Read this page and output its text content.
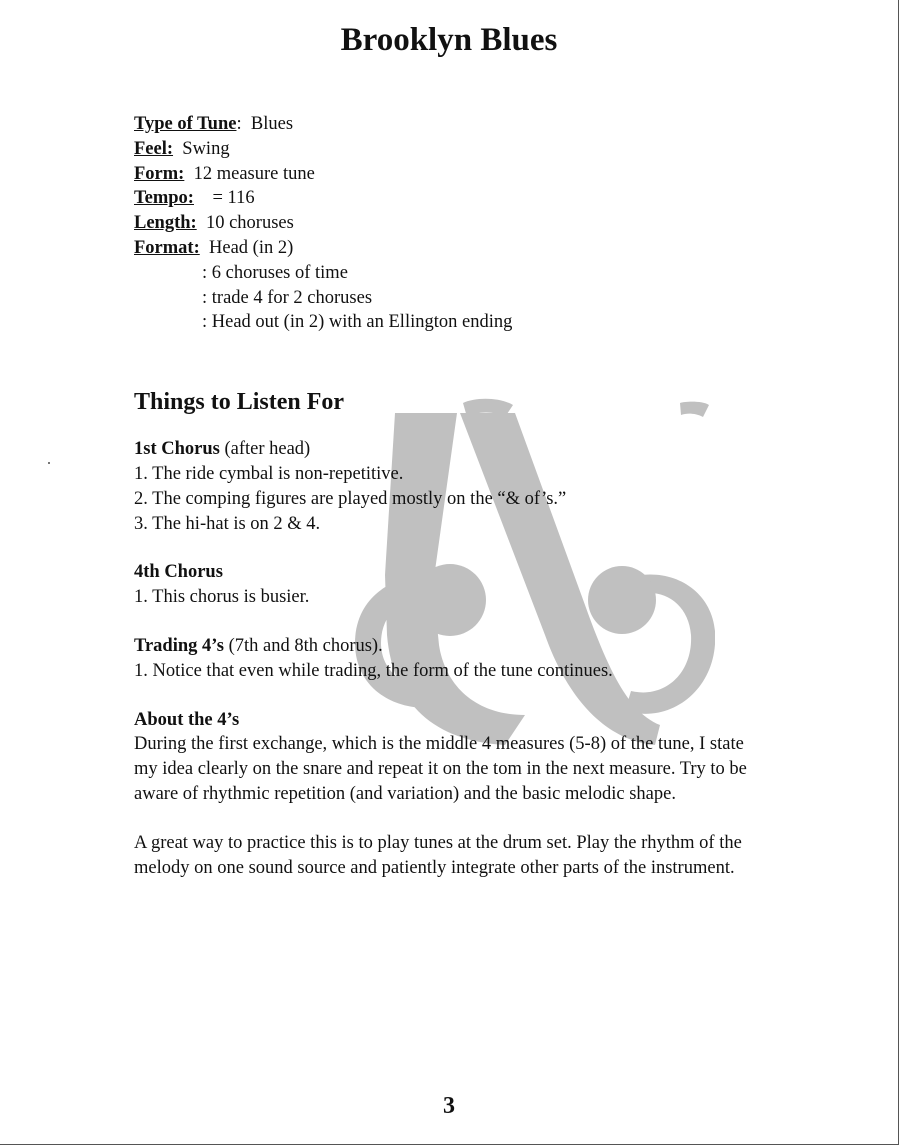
Brooklyn Blues
Type of Tune:  Blues
Feel: Swing
Form: 12 measure tune
Tempo: = 116
Length: 10 choruses
Format: Head (in 2)
: 6 choruses of time
: trade 4 for 2 choruses
: Head out (in 2) with an Ellington ending
Things to Listen For
1st Chorus (after head)
1. The ride cymbal is non-repetitive.
2. The comping figures are played mostly on the “& of’s.”
3. The hi-hat is on 2 & 4.
4th Chorus
1. This chorus is busier.
Trading 4’s (7th and 8th chorus).
1. Notice that even while trading, the form of the tune continues.
About the 4’s

During the first exchange, which is the middle 4 measures (5-8) of the tune, I state my idea clearly on the snare and repeat it on the tom in the next measure. Try to be aware of rhythmic repetition (and variation) and the basic melodic shape.

A great way to practice this is to play tunes at the drum set. Play the rhythm of the melody on one sound source and patiently integrate other parts of the instrument.

3
